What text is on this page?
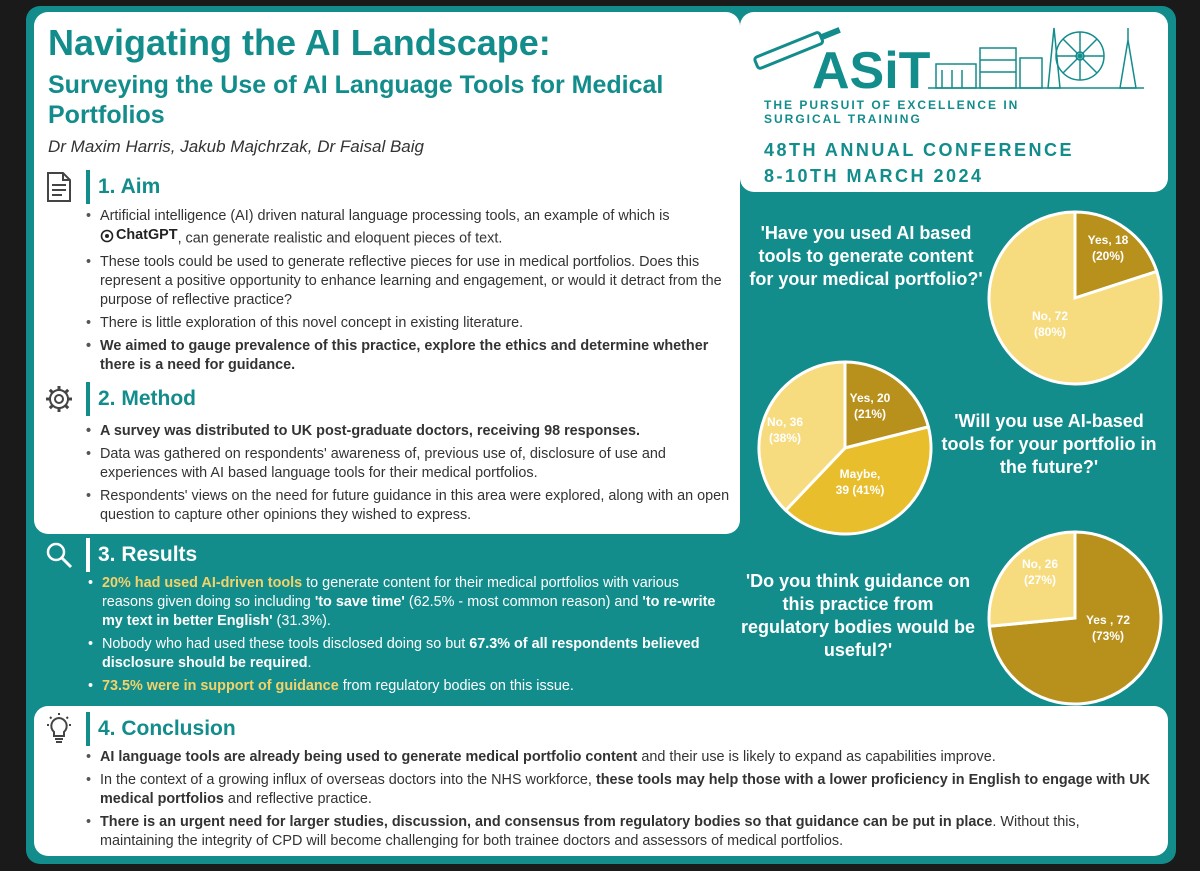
Navigating the AI Landscape:
Surveying the Use of AI Language Tools for Medical Portfolios
Dr Maxim Harris, Jakub Majchrzak, Dr Faisal Baig
1. Aim
• Artificial intelligence (AI) driven natural language processing tools, an example of which is
ChatGPT , can generate realistic and eloquent pieces of text.
• These tools could be used to generate reflective pieces for use in medical portfolios. Does this represent a positive opportunity to enhance learning and engagement, or would it detract from the purpose of reflective practice?
• There is little exploration of this novel concept in existing literature.
• We aimed to gauge prevalence of this practice, explore the ethics and determine whether there is a need for guidance.
2. Method
• A survey was distributed to UK post-graduate doctors, receiving 98 responses.
• Data was gathered on respondents' awareness of, previous use of, disclosure of use and experiences with AI based language tools for their medical portfolios.
• Respondents' views on the need for future guidance in this area were explored, along with an open question to capture other opinions they wished to express.
ASiT
THE PURSUIT OF EXCELLENCE IN SURGICAL TRAINING
48TH ANNUAL CONFERENCE
8-10TH MARCH 2024
3. Results
• 20% had used AI-driven tools to generate content for their medical portfolios with various reasons given doing so including 'to save time' (62.5% - most common reason) and 'to re-write my text in better English' (31.3%).
• Nobody who had used these tools disclosed doing so but 67.3% of all respondents believed disclosure should be required.
• 73.5% were in support of guidance from regulatory bodies on this issue.
'Have you used AI based tools to generate content for your medical portfolio?'
'Will you use AI-based tools for your portfolio in the future?'
'Do you think guidance on this practice from regulatory bodies would be useful?'
Yes, 18
(20%)
No, 72
(80%)
Yes, 20
(21%)
Maybe,
39 (41%)
No, 36
(38%)
Yes , 72
(73%)
No, 26
(27%)
4. Conclusion
• AI language tools are already being used to generate medical portfolio content and their use is likely to expand as capabilities improve.
• In the context of a growing influx of overseas doctors into the NHS workforce, these tools may help those with a lower proficiency in English to engage with UK medical portfolios and reflective practice.
• There is an urgent need for larger studies, discussion, and consensus from regulatory bodies so that guidance can be put in place. Without this, maintaining the integrity of CPD will become challenging for both trainee doctors and assessors of medical portfolios.
